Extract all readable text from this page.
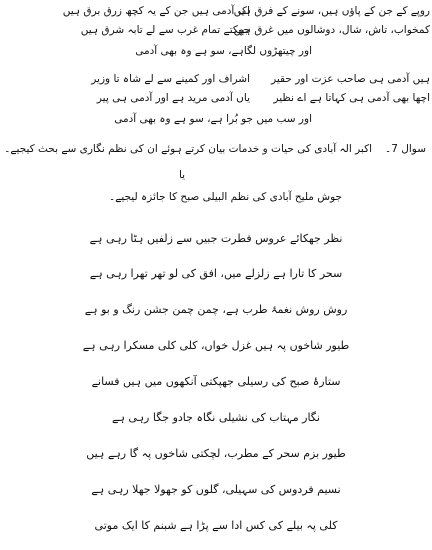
اک آدمی ہیں جن کے یہ کچھ زرق برق ہیں
روپے کے جن کے پاؤں ہیں، سونے کے فرق ہیں
جھکتے تمام غرب سے لے تابہ شرق ہیں
کمخواب، تاش، شال، دوشالوں میں غرق ہیں
اور چیتھڑوں لگاہے، سو ہے وہ بھی آدمی
اشراف اور کمینے سے لے شاہ تا وزیر ہیں آدمی ہی صاحب عزت اور حقیر
یاں آدمی مرید ہے اور آدمی ہی پیر اچھا بھی آدمی ہی کہاتا ہے اے نظیر
اور سب میں جو بُرا ہے، سو ہے وہ بھی آدمی
سوال 7۔
اکبر الہ آبادی کی حیات و خدمات بیان کرتے ہوئے ان کی نظم نگاری سے بحث کیجیے۔
یا
جوش ملیح آبادی کی نظم البیلی صبح کا جائزہ لیجیے۔
نظر جھکائے عروس فطرت جبیں سے زلفیں ہٹا رہی ہے
سحر کا تارا ہے زلزلے میں، افق کی لو تھر تھرا رہی ہے
روش روش نغمۂ طرب ہے، چمن چمن جشن رنگ و بو ہے
طیور شاخوں پہ ہیں غزل خواں، کلی کلی مسکرا رہی ہے
ستارۂ صبح کی رسیلی جھپکتی آنکھوں میں ہیں فسانے
نگار مہتاب کی نشیلی نگاہ جادو جگا رہی ہے
طیور بزم سحر کے مطرب، لچکتی شاخوں پہ گا رہے ہیں
نسیم فردوس کی سہیلی، گلوں کو جھولا جھلا رہی ہے
کلی پہ بیلے کی کس ادا سے پڑا ہے شبنم کا ایک موتی
